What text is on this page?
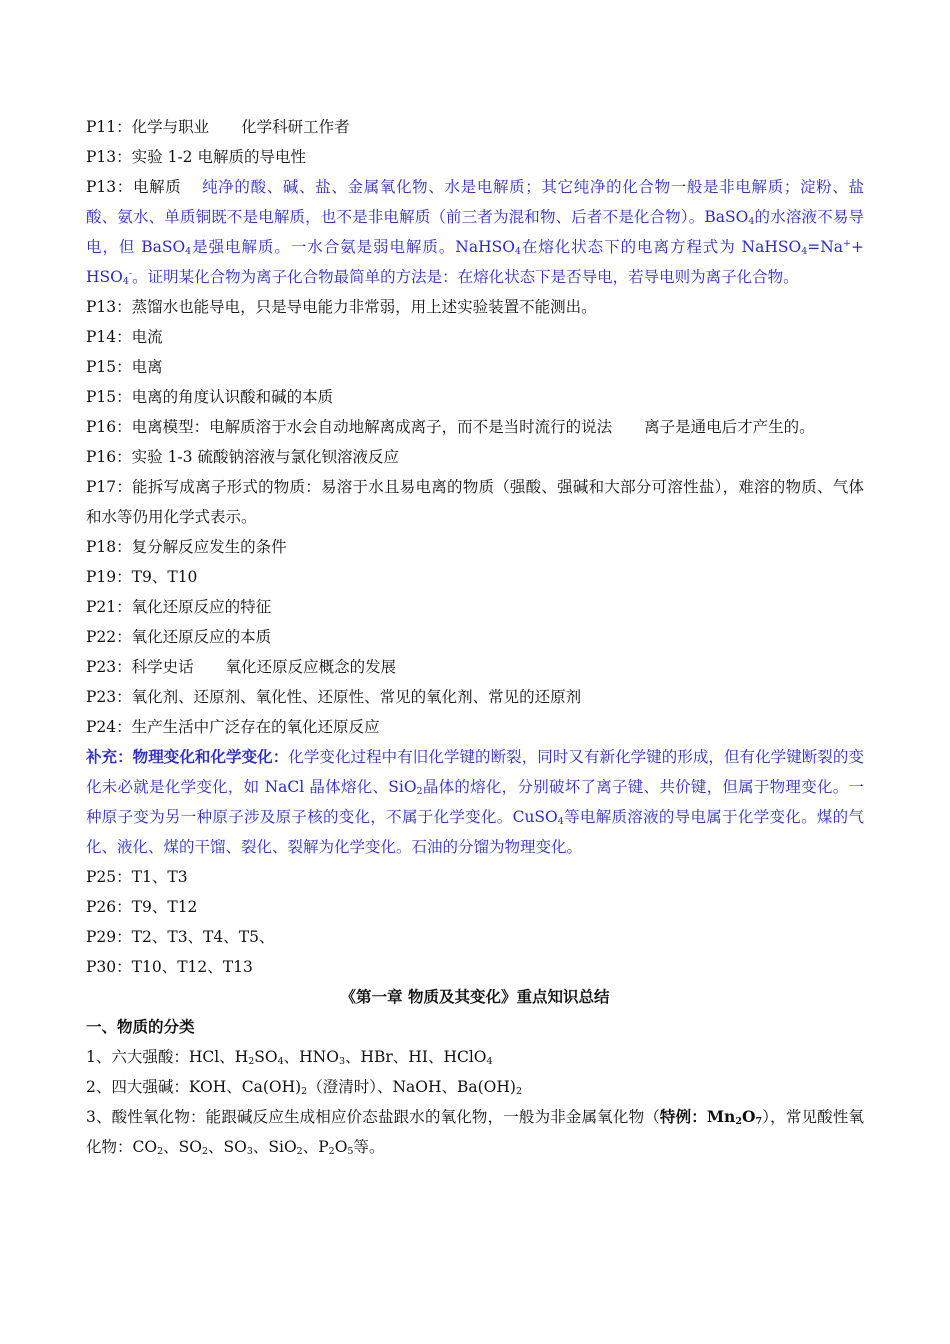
P11：化学与职业 化学科研工作者

P13：实验 1-2 电解质的导电性

P13：电解质 纯净的酸、碱、盐、金属氧化物、水是电解质；其它纯净的化合物一般是非电解质；淀粉、盐酸、氨水、单质铜既不是电解质，也不是非电解质（前三者为混和物、后者不是化合物）。BaSO$_4$的水溶液不易导电，但 BaSO$_4$是强电解质。一水合氨是弱电解质。NaHSO$_4$在熔化状态下的电离方程式为 NaHSO$_4$=Na++ $HSO_4^-$。证明某化合物为离子化合物最简单的方法是：在熔化状态下是否导电，若导电则为离子化合物。

P13：蒸馏水也能导电，只是导电能力非常弱，用上述实验装置不能测出。

P14：电流

P15：电离

P15：电离的角度认识酸和碱的本质

P16：电离模型：电解质溶于水会自动地解离成离子，而不是当时流行的说法 离子是通电后才产生的。

P16：实验 1-3 硫酸钠溶液与氯化钡溶液反应

P17：能拆写成离子形式的物质：易溶于水且易电离的物质（强酸、强碱和大部分可溶性盐），难溶的物质、气体和水等仍用化学式表示。

P18：复分解反应发生的条件

P19：T9、T10

P21：氧化还原反应的特征

P22：氧化还原反应的本质

P23：科学史话 氧化还原反应概念的发展

P23：氧化剂、还原剂、氧化性、还原性、常见的氧化剂、常见的还原剂

P24：生产生活中广泛存在的氧化还原反应

补充：物理变化和化学变化：化学变化过程中有旧化学键的断裂，同时又有新化学键的形成，但有化学键断裂的变化未必就是化学变化，如 NaCl 晶体熔化、SiO$_2$晶体的熔化，分别破坏了离子键、共价键，但属于物理变化。一种原子变为另一种原子涉及原子核的变化，不属于化学变化。CuSO$_4$等电解质溶液的导电属于化学变化。煤的气化、液化、煤的干馏、裂化、裂解为化学变化。石油的分馏为物理变化。

P25：T1、T3

P26：T9、T12

P29：T2、T3、T4、T5、

P30：T10、T12、T13

《第一章 物质及其变化》重点知识总结

一、物质的分类

1、六大强酸：HCl、$H_2SO_4$、$HNO_3$、HBr、HI、HClO$_4$

2、四大强碱：KOH、$Ca(OH)_2$（澄清时）、NaOH、$Ba(OH)_2$

3、酸性氧化物：能跟碱反应生成相应价态盐跟水的氧化物，一般为非金属氧化物（特例：$Mn_2O_7$），常见酸性氧化物：$CO_2$、$SO_2$、$SO_3$、SiO$_2$、$P_2O_5$等。
